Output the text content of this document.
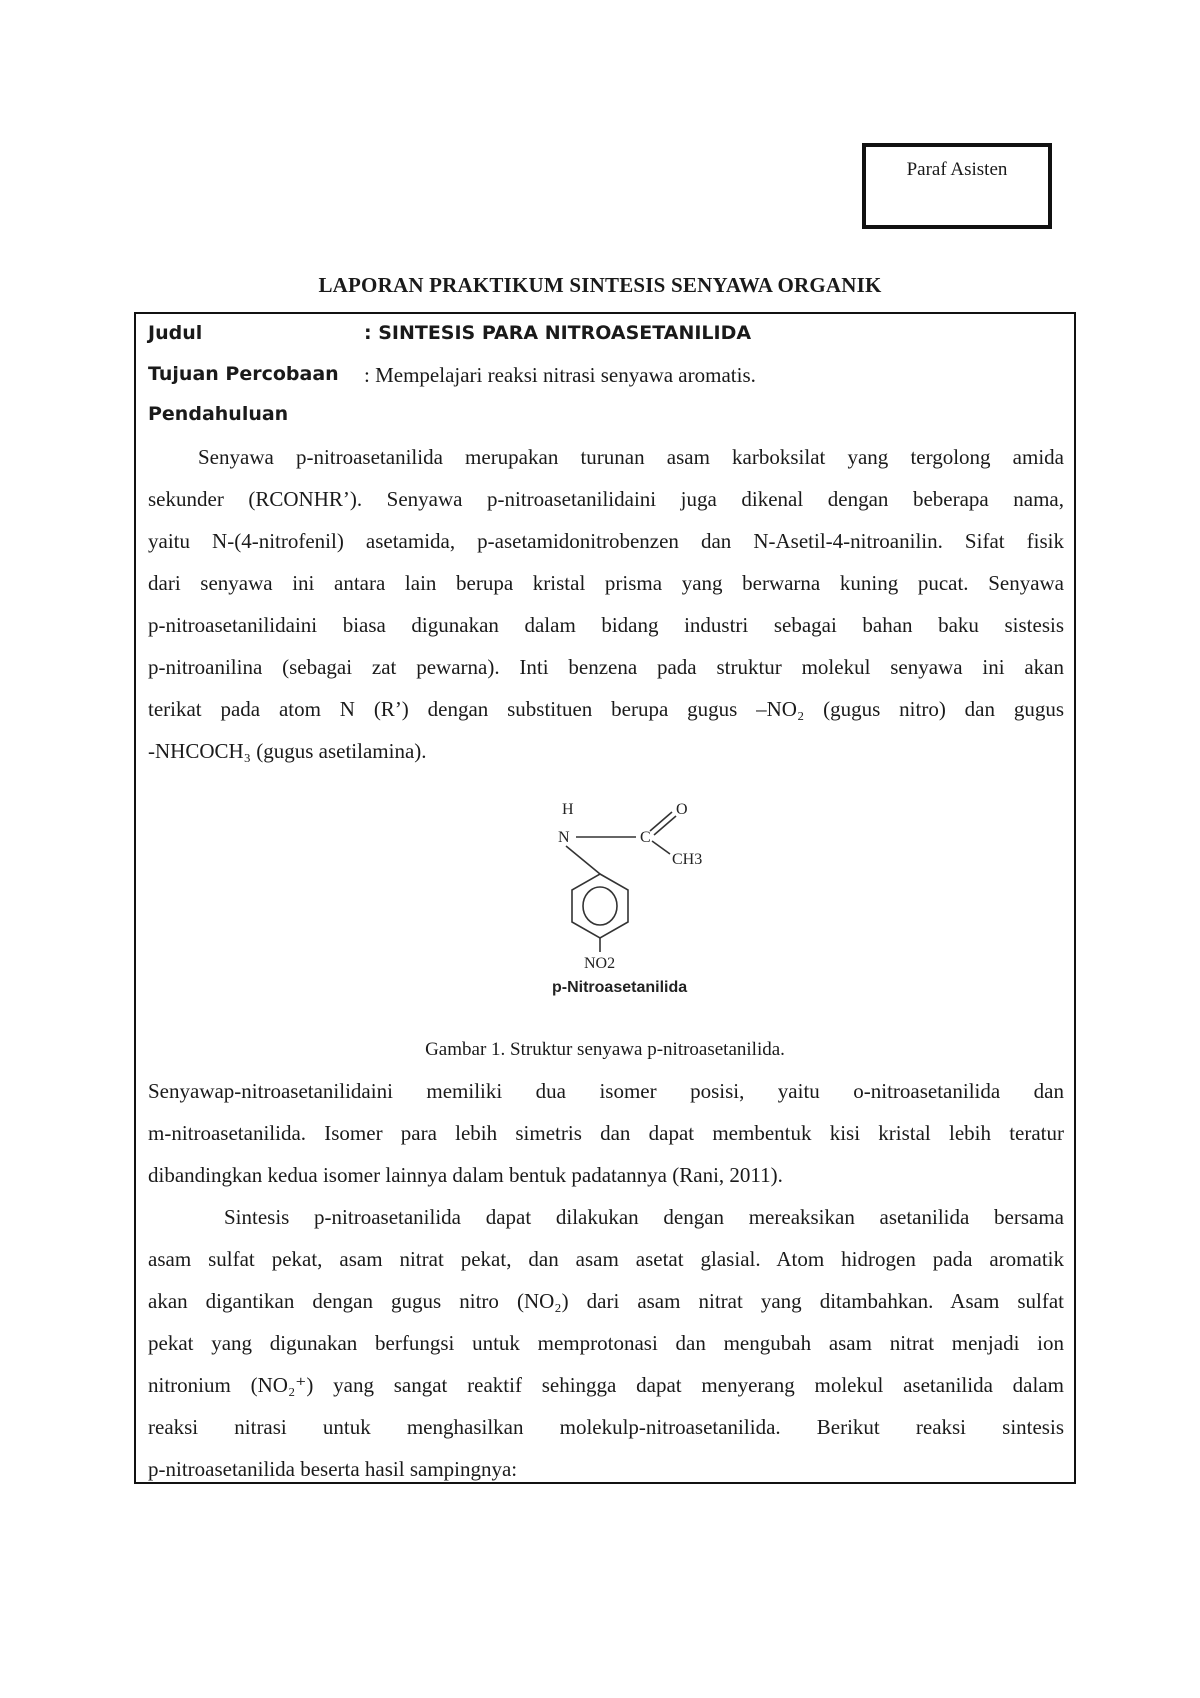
Paraf Asisten
LAPORAN PRAKTIKUM SINTESIS SENYAWA ORGANIK
Judul	: SINTESIS PARA NITROASETANILIDA
Tujuan Percobaan : Mempelajari reaksi nitrasi senyawa aromatis.
Pendahuluan
Senyawa p-nitroasetanilida merupakan turunan asam karboksilat yang tergolong amida
sekunder (RCONHR’). Senyawa p-nitroasetanilidaini juga dikenal dengan beberapa nama,
yaitu N-(4-nitrofenil) asetamida, p-asetamidonitrobenzen dan N-Asetil-4-nitroanilin. Sifat fisik
dari senyawa ini antara lain berupa kristal prisma yang berwarna kuning pucat. Senyawa
p-nitroasetanilidaini biasa digunakan dalam bidang industri sebagai bahan baku sistesis
p-nitroanilina (sebagai zat pewarna). Inti benzena pada struktur molekul senyawa ini akan
terikat pada atom N (R’) dengan substituen berupa gugus –NO₂ (gugus nitro) dan gugus
-NHCOCH₃ (gugus asetilamina).
H
N	C
O
CH3
NO2
p-Nitroasetanilida
Gambar 1. Struktur senyawa p-nitroasetanilida.
Senyawap-nitroasetanilidaini memiliki dua isomer posisi, yaitu o-nitroasetanilida dan
m-nitroasetanilida. Isomer para lebih simetris dan dapat membentuk kisi kristal lebih teratur
dibandingkan kedua isomer lainnya dalam bentuk padatannya (Rani, 2011).
Sintesis p-nitroasetanilida dapat dilakukan dengan mereaksikan asetanilida bersama
asam sulfat pekat, asam nitrat pekat, dan asam asetat glasial. Atom hidrogen pada aromatik
akan digantikan dengan gugus nitro (NO₂) dari asam nitrat yang ditambahkan. Asam sulfat
pekat yang digunakan berfungsi untuk memprotonasi dan mengubah asam nitrat menjadi ion
nitronium (NO₂⁺) yang sangat reaktif sehingga dapat menyerang molekul asetanilida dalam
reaksi nitrasi untuk menghasilkan molekulp-nitroasetanilida. Berikut reaksi sintesis
p-nitroasetanilida beserta hasil sampingnya:
